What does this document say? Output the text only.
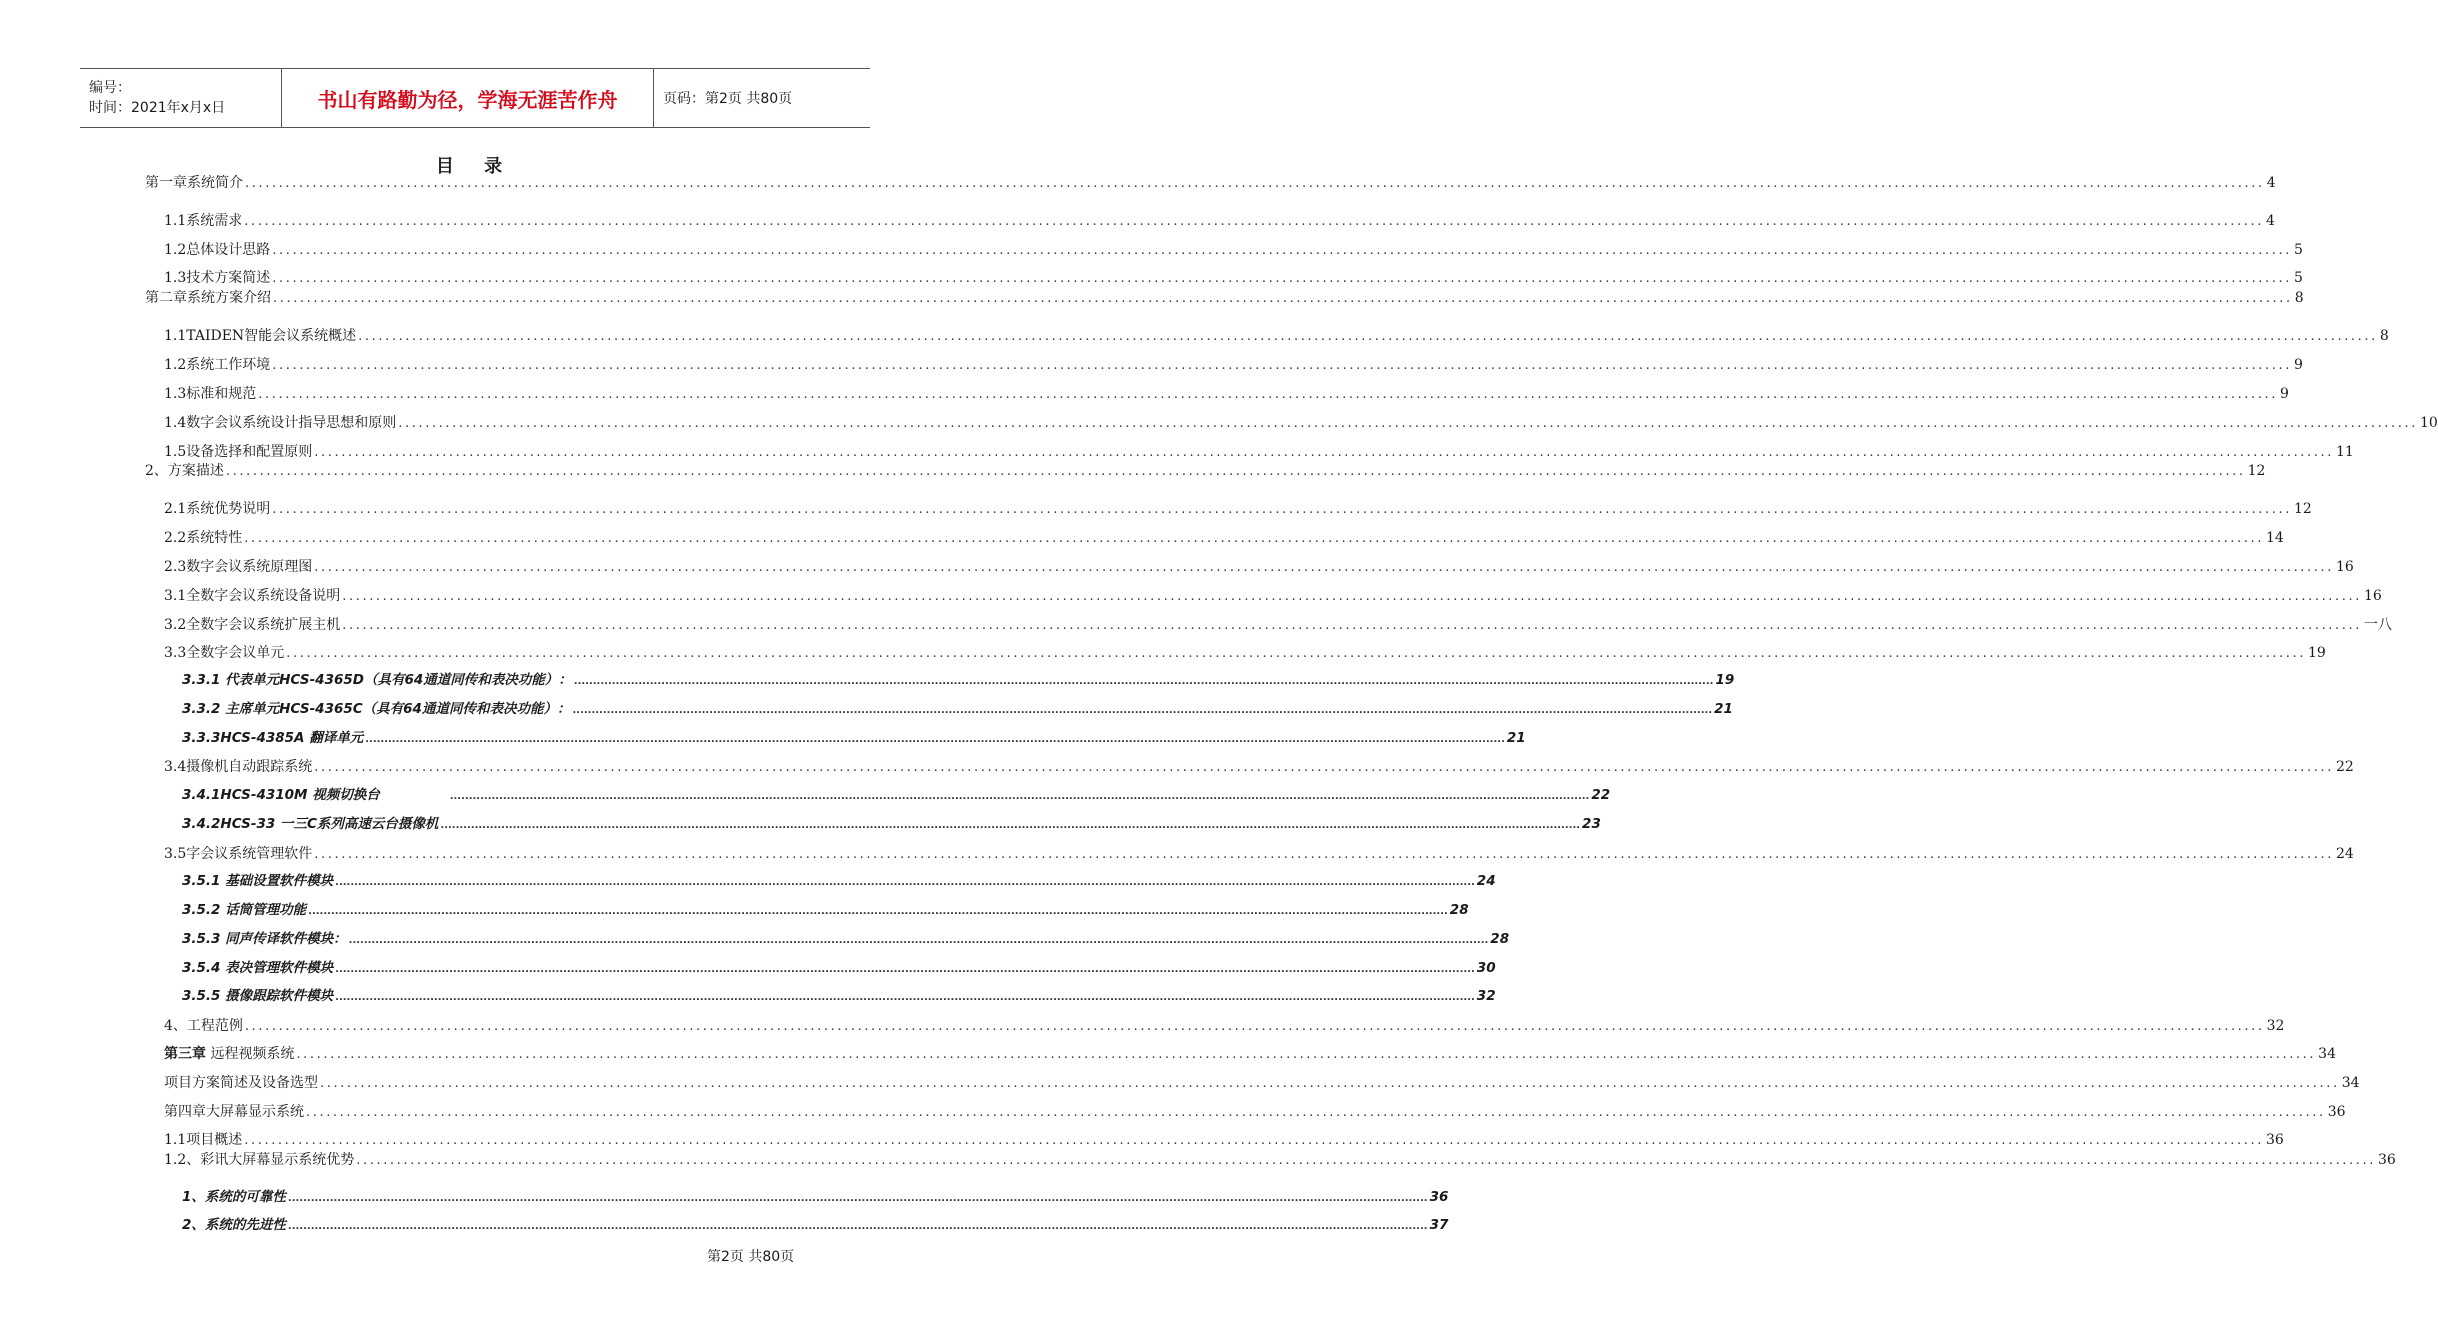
编号：
时间：2021年x月x日	书山有路勤为径，学海无涯苦作舟	页码：第2页 共80页
目 录
第一章系统简介 ............................................................................................................................................................................................................................................................................................................ 4
1.1系统需求 ............................................................................................................................................................................................................................................................................................................ 4
1.2总体设计思路 ............................................................................................................................................................................................................................................................................................................ 5
1.3技术方案简述 ............................................................................................................................................................................................................................................................................................................ 5
第二章系统方案介绍 ............................................................................................................................................................................................................................................................................................................ 8
1.1TAIDEN智能会议系统概述 ............................................................................................................................................................................................................................................................................................................ 8
1.2系统工作环境 ............................................................................................................................................................................................................................................................................................................ 9
1.3标准和规范 ............................................................................................................................................................................................................................................................................................................ 9
1.4数字会议系统设计指导思想和原则 ............................................................................................................................................................................................................................................................................................................ 10
1.5设备选择和配置原则 ............................................................................................................................................................................................................................................................................................................ 11
2、方案描述 ............................................................................................................................................................................................................................................................................................................ 12
2.1系统优势说明 ............................................................................................................................................................................................................................................................................................................ 12
2.2系统特性 ............................................................................................................................................................................................................................................................................................................ 14
2.3数字会议系统原理图 ............................................................................................................................................................................................................................................................................................................ 16
3.1全数字会议系统设备说明 ............................................................................................................................................................................................................................................................................................................ 16
3.2全数字会议系统扩展主机 ............................................................................................................................................................................................................................................................................................................ 一八
3.3全数字会议单元 ............................................................................................................................................................................................................................................................................................................ 19
3.3.1 代表单元HCS-4365D（具有64通道同传和表决功能）： ............................................................................................................................................................................................................................................................................................................ 19
3.3.2 主席单元HCS-4365C（具有64通道同传和表决功能）： ............................................................................................................................................................................................................................................................................................................ 21
3.3.3HCS-4385A 翻译单元 ............................................................................................................................................................................................................................................................................................................ 21
3.4摄像机自动跟踪系统 ............................................................................................................................................................................................................................................................................................................ 22
3.4.1HCS-4310M 视频切换台	............................................................................................................................................................................................................................................................................................................ 22
3.4.2HCS-33 一三C系列高速云台摄像机 ............................................................................................................................................................................................................................................................................................................ 23
3.5字会议系统管理软件 ............................................................................................................................................................................................................................................................................................................ 24
3.5.1 基础设置软件模块 ............................................................................................................................................................................................................................................................................................................ 24
3.5.2 话筒管理功能 ............................................................................................................................................................................................................................................................................................................ 28
3.5.3 同声传译软件模块： ............................................................................................................................................................................................................................................................................................................ 28
3.5.4 表决管理软件模块 ............................................................................................................................................................................................................................................................................................................ 30
3.5.5 摄像跟踪软件模块 ............................................................................................................................................................................................................................................................................................................ 32
4、工程范例 ............................................................................................................................................................................................................................................................................................................ 32
第三章 远程视频系统 ............................................................................................................................................................................................................................................................................................................ 34
项目方案简述及设备选型 ............................................................................................................................................................................................................................................................................................................ 34
第四章大屏幕显示系统 ............................................................................................................................................................................................................................................................................................................ 36
1.1项目概述 ............................................................................................................................................................................................................................................................................................................ 36
1.2、彩讯大屏幕显示系统优势 ............................................................................................................................................................................................................................................................................................................ 36
1、系统的可靠性 ............................................................................................................................................................................................................................................................................................................ 36
2、系统的先进性 ............................................................................................................................................................................................................................................................................................................ 37
第2页 共80页
